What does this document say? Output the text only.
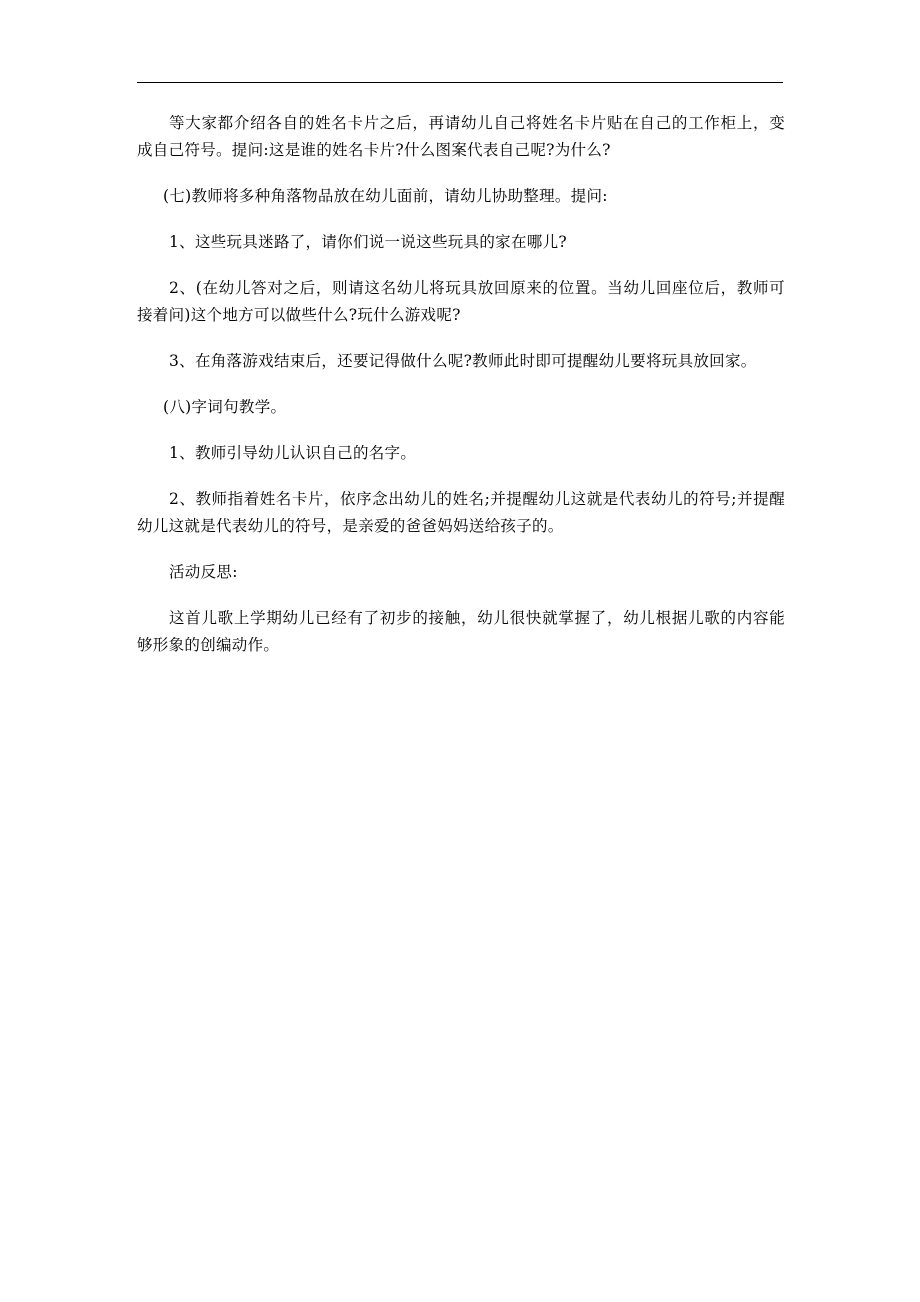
等大家都介绍各自的姓名卡片之后，再请幼儿自己将姓名卡片贴在自己的工作柜上，变成自己符号。提问:这是谁的姓名卡片?什么图案代表自己呢?为什么?

(七)教师将多种角落物品放在幼儿面前，请幼儿协助整理。提问:

1、这些玩具迷路了，请你们说一说这些玩具的家在哪儿?

2、(在幼儿答对之后，则请这名幼儿将玩具放回原来的位置。当幼儿回座位后，教师可接着问)这个地方可以做些什么?玩什么游戏呢?

3、在角落游戏结束后，还要记得做什么呢?教师此时即可提醒幼儿要将玩具放回家。

(八)字词句教学。

1、教师引导幼儿认识自己的名字。

2、教师指着姓名卡片，依序念出幼儿的姓名;并提醒幼儿这就是代表幼儿的符号;并提醒幼儿这就是代表幼儿的符号，是亲爱的爸爸妈妈送给孩子的。

活动反思:

这首儿歌上学期幼儿已经有了初步的接触，幼儿很快就掌握了，幼儿根据儿歌的内容能够形象的创编动作。
